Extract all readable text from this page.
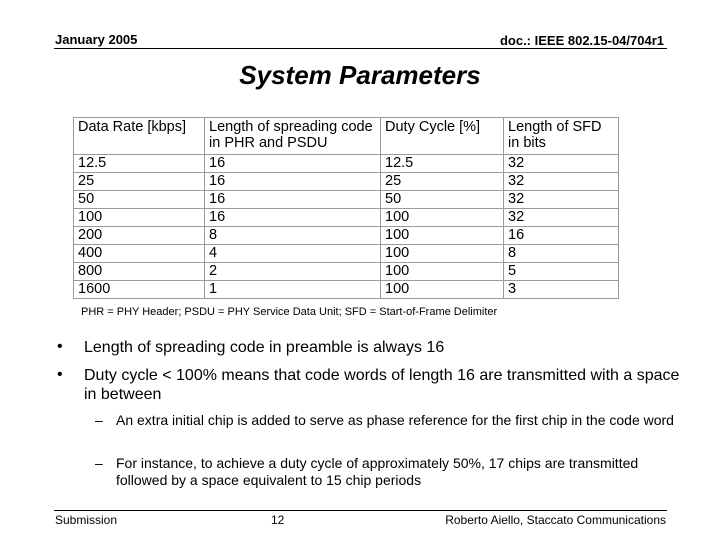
January 2005	doc.: IEEE 802.15-04/704r1
System Parameters
Data Rate [kbps]	Length of spreading code in PHR and PSDU	Duty Cycle [%]	Length of SFD in bits
12.5	16	12.5	32
25	16	25	32
50	16	50	32
100	16	100	32
200	8	100	16
400	4	100	8
800	2	100	5
1600	1	100	3
PHR = PHY Header; PSDU = PHY Service Data Unit; SFD = Start-of-Frame Delimiter
• Length of spreading code in preamble is always 16
• Duty cycle < 100% means that code words of length 16 are transmitted with a space in between
– An extra initial chip is added to serve as phase reference for the first chip in the code word
– For instance, to achieve a duty cycle of approximately 50%, 17 chips are transmitted followed by a space equivalent to 15 chip periods
Submission	12	Roberto Aiello, Staccato Communications
